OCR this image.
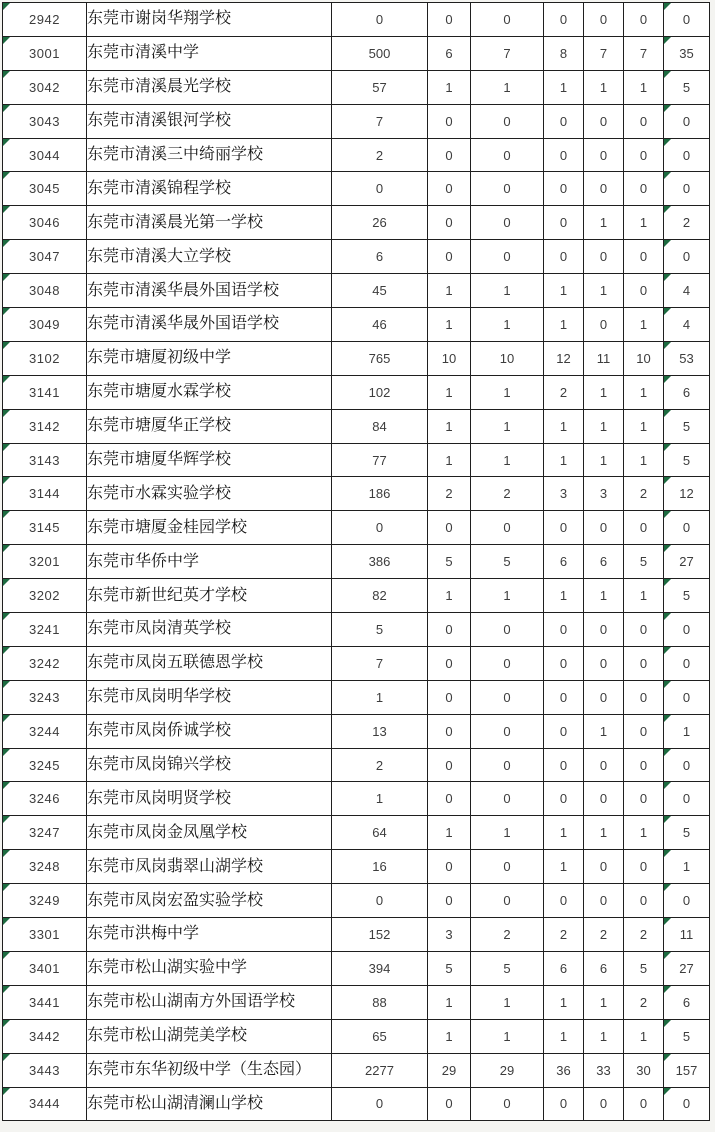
2942	东莞市谢岗华翔学校	0	0	0	0	0	0	0

3001	东莞市清溪中学	500	6	7	8	7	7	35

3042	东莞市清溪晨光学校	57	1	1	1	1	1	5

3043	东莞市清溪银河学校	7	0	0	0	0	0	0

3044	东莞市清溪三中绮丽学校	2	0	0	0	0	0	0

3045	东莞市清溪锦程学校	0	0	0	0	0	0	0

3046	东莞市清溪晨光第一学校	26	0	0	0	1	1	2

3047	东莞市清溪大立学校	6	0	0	0	0	0	0

3048	东莞市清溪华晨外国语学校	45	1	1	1	1	0	4

3049	东莞市清溪华晟外国语学校	46	1	1	1	0	1	4

3102	东莞市塘厦初级中学	765	10	10	12	11	10	53

3141	东莞市塘厦水霖学校	102	1	1	2	1	1	6

3142	东莞市塘厦华正学校	84	1	1	1	1	1	5

3143	东莞市塘厦华辉学校	77	1	1	1	1	1	5

3144	东莞市水霖实验学校	186	2	2	3	3	2	12

3145	东莞市塘厦金桂园学校	0	0	0	0	0	0	0

3201	东莞市华侨中学	386	5	5	6	6	5	27

3202	东莞市新世纪英才学校	82	1	1	1	1	1	5

3241	东莞市凤岗清英学校	5	0	0	0	0	0	0

3242	东莞市凤岗五联德恩学校	7	0	0	0	0	0	0

3243	东莞市凤岗明华学校	1	0	0	0	0	0	0

3244	东莞市凤岗侨诚学校	13	0	0	0	1	0	1

3245	东莞市凤岗锦兴学校	2	0	0	0	0	0	0

3246	东莞市凤岗明贤学校	1	0	0	0	0	0	0

3247	东莞市凤岗金凤凰学校	64	1	1	1	1	1	5

3248	东莞市凤岗翡翠山湖学校	16	0	0	1	0	0	1

3249	东莞市凤岗宏盈实验学校	0	0	0	0	0	0	0

3301	东莞市洪梅中学	152	3	2	2	2	2	11

3401	东莞市松山湖实验中学	394	5	5	6	6	5	27

3441	东莞市松山湖南方外国语学校	88	1	1	1	1	2	6

3442	东莞市松山湖莞美学校	65	1	1	1	1	1	5

3443	东莞市东华初级中学（生态园）	2277	29	29	36	33	30	157

3444	东莞市松山湖清澜山学校	0	0	0	0	0	0	0
